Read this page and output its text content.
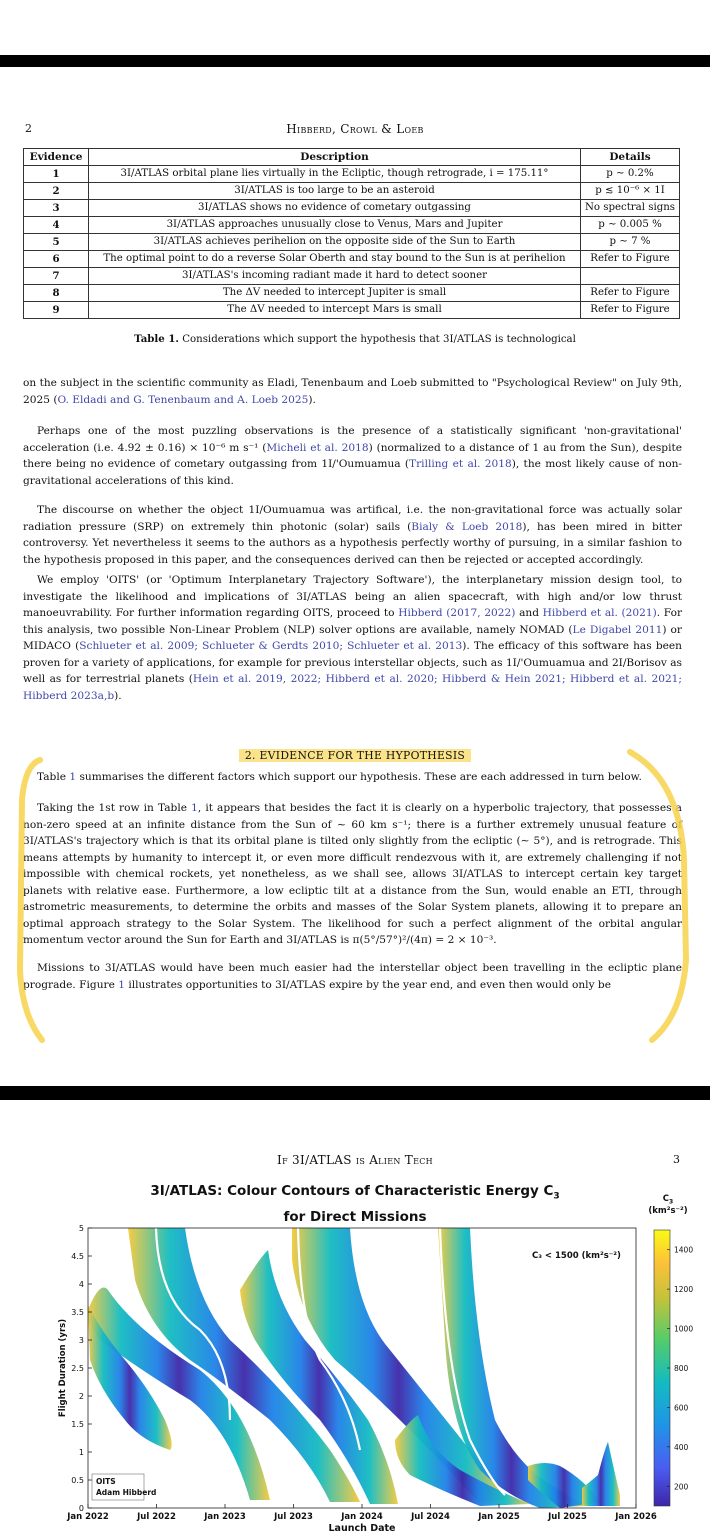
2	Hibberd, Crowl & Loeb
Evidence	Description	Details
1	3I/ATLAS orbital plane lies virtually in the Ecliptic, though retrograde, i = 175.11°	p ∼ 0.2%
2	3I/ATLAS is too large to be an asteroid	p ≲ 10⁻⁶ × 1I
3	3I/ATLAS shows no evidence of cometary outgassing	No spectral signs
4	3I/ATLAS approaches unusually close to Venus, Mars and Jupiter	p ∼ 0.005 %
5	3I/ATLAS achieves perihelion on the opposite side of the Sun to Earth	p ∼ 7 %
6	The optimal point to do a reverse Solar Oberth and stay bound to the Sun is at perihelion	Refer to Figure
7	3I/ATLAS's incoming radiant made it hard to detect sooner	
8	The ΔV needed to intercept Jupiter is small	Refer to Figure
9	The ΔV needed to intercept Mars is small	Refer to Figure
Table 1. Considerations which support the hypothesis that 3I/ATLAS is technological
on the subject in the scientific community as Eladi, Tenenbaum and Loeb submitted to "Psychological Review" on July 9th, 2025 (O. Eldadi and G. Tenenbaum and A. Loeb 2025).
Perhaps one of the most puzzling observations is the presence of a statistically significant 'non-gravitational' acceleration (i.e. 4.92 ± 0.16) × 10⁻⁶ m s⁻¹ (Micheli et al. 2018) (normalized to a distance of 1 au from the Sun), despite there being no evidence of cometary outgassing from 1I/'Oumuamua (Trilling et al. 2018), the most likely cause of non-gravitational accelerations of this kind.
The discourse on whether the object 1I/Oumuamua was artifical, i.e. the non-gravitational force was actually solar radiation pressure (SRP) on extremely thin photonic (solar) sails (Bialy & Loeb 2018), has been mired in bitter controversy. Yet nevertheless it seems to the authors as a hypothesis perfectly worthy of pursuing, in a similar fashion to the hypothesis proposed in this paper, and the consequences derived can then be rejected or accepted accordingly.
We employ 'OITS' (or 'Optimum Interplanetary Trajectory Software'), the interplanetary mission design tool, to investigate the likelihood and implications of 3I/ATLAS being an alien spacecraft, with high and/or low thrust manoeuvrability. For further information regarding OITS, proceed to Hibberd (2017, 2022) and Hibberd et al. (2021). For this analysis, two possible Non-Linear Problem (NLP) solver options are available, namely NOMAD (Le Digabel 2011) or MIDACO (Schlueter et al. 2009; Schlueter & Gerdts 2010; Schlueter et al. 2013). The efficacy of this software has been proven for a variety of applications, for example for previous interstellar objects, such as 1I/'Oumuamua and 2I/Borisov as well as for terrestrial planets (Hein et al. 2019, 2022; Hibberd et al. 2020; Hibberd & Hein 2021; Hibberd et al. 2021; Hibberd 2023a,b).
2. EVIDENCE FOR THE HYPOTHESIS
Table 1 summarises the different factors which support our hypothesis. These are each addressed in turn below.
Taking the 1st row in Table 1, it appears that besides the fact it is clearly on a hyperbolic trajectory, that possesses a non-zero speed at an infinite distance from the Sun of ∼ 60 km s⁻¹; there is a further extremely unusual feature of 3I/ATLAS's trajectory which is that its orbital plane is tilted only slightly from the ecliptic (∼ 5°), and is retrograde. This means attempts by humanity to intercept it, or even more difficult rendezvous with it, are extremely challenging if not impossible with chemical rockets, yet nonetheless, as we shall see, allows 3I/ATLAS to intercept certain key target planets with relative ease. Furthermore, a low ecliptic tilt at a distance from the Sun, would enable an ETI, through astrometric measurements, to determine the orbits and masses of the Solar System planets, allowing it to prepare an optimal approach strategy to the Solar System. The likelihood for such a perfect alignment of the orbital angular momentum vector around the Sun for Earth and 3I/ATLAS is π(5°/57°)²/(4π) = 2 × 10⁻³.
Missions to 3I/ATLAS would have been much easier had the interstellar object been travelling in the ecliptic plane prograde. Figure 1 illustrates opportunities to 3I/ATLAS expire by the year end, and even then would only be
If 3I/ATLAS is Alien Tech	3
3I/ATLAS: Colour Contours of Characteristic Energy $C_3$
for Direct Missions
$C_3$
(km²s⁻²)
Jan 2022	Jul 2022	Jan 2023	Jul 2023	Jan 2024	Jul 2024	Jan 2025	Jul 2025	Jan 2026
0
0.5
1
1.5
2
2.5
3
3.5
4
4.5
5
Launch Date
Flight Duration (yrs)
C₃ < 1500 (km²s⁻²)
OITS
Adam Hibberd
200
400
600
800
1000
1200
1400
